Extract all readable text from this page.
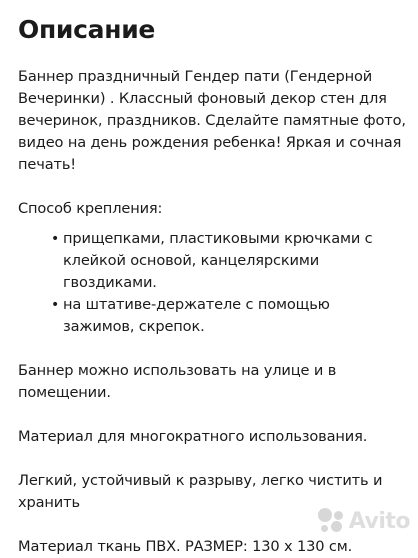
Описание

Баннер праздничный Гендер пати (Гендерной Вечеринки) . Классный фоновый декор стен для вечеринок, праздников. Сделайте памятные фото, видео на день рождения ребенка! Яркая и сочная печать!

Способ крепления:

• прищепками, пластиковыми крючками с клейкой основой, канцелярскими гвоздиками.
• на штативе-держателе с помощью зажимов, скрепок.

Баннер можно использовать на улице и в помещении.

Материал для многократного использования.

Легкий, устойчивый к разрыву, легко чистить и хранить

Материал ткань ПВХ. РАЗМЕР: 130 х 130 см.

Avito
